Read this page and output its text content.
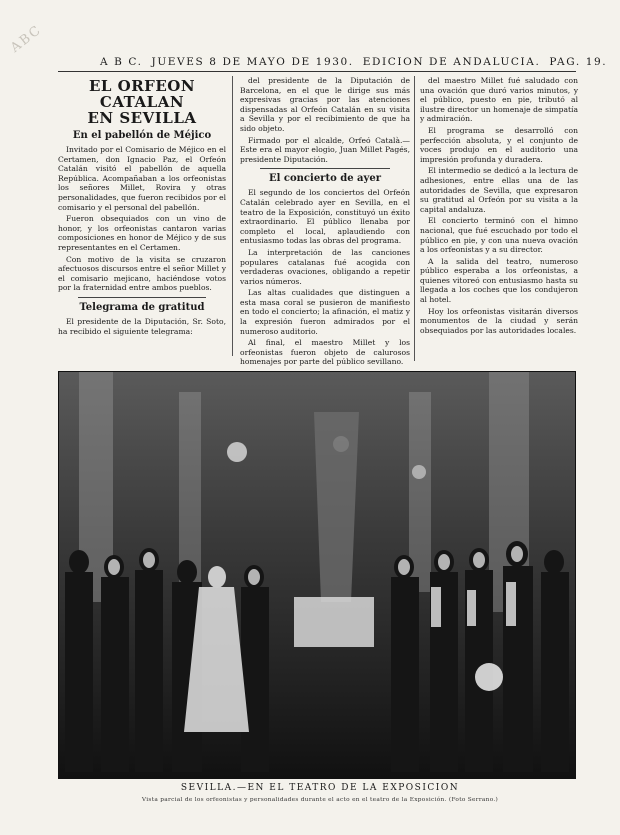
ABC
A B C. JUEVES 8 DE MAYO DE 1930. EDICION DE ANDALUCIA. PAG. 19.
EL ORFEON CATALAN
EN SEVILLA
En el pabellón de Méjico

Invitado por el Comisario de Méjico en el Certamen, don Ignacio Paz, el Orfeón Catalán visitó el pabellón de aquella República. Acompañaban a los orfeonistas los señores Millet, Rovira y otras personalidades, que fueron recibidos por el comisario y el personal del pabellón.

Fueron obsequiados con un vino de honor, y los orfeonistas cantaron varias composiciones en honor de Méjico y de sus representantes en el Certamen.

Con motivo de la visita se cruzaron afectuosos discursos entre el señor Millet y el comisario mejicano, haciéndose votos por la fraternidad entre ambos pueblos.

Telegrama de gratitud

El presidente de la Diputación, Sr. Soto, ha recibido el siguiente telegrama:

del presidente de la Diputación de Barcelona, en el que le dirige sus más expresivas gracias por las atenciones dispensadas al Orfeón Catalán en su visita a Sevilla y por el recibimiento de que ha sido objeto.

Firmado por el alcalde, Orfeó Català.—Este era el mayor elogio, Juan Millet Pagés, presidente Diputación.

El concierto de ayer

El segundo de los conciertos del Orfeón Catalán celebrado ayer en Sevilla, en el teatro de la Exposición, constituyó un éxito extraordinario. El público llenaba por completo el local, aplaudiendo con entusiasmo todas las obras del programa.

La interpretación de las canciones populares catalanas fué acogida con verdaderas ovaciones, obligando a repetir varios números.

Las altas cualidades que distinguen a esta masa coral se pusieron de manifiesto en todo el concierto; la afinación, el matiz y la expresión fueron admirados por el numeroso auditorio.

Al final, el maestro Millet y los orfeonistas fueron objeto de calurosos homenajes por parte del público sevillano.

del maestro Millet fué saludado con una ovación que duró varios minutos, y el público, puesto en pie, tributó al ilustre director un homenaje de simpatía y admiración.

El programa se desarrolló con perfección absoluta, y el conjunto de voces produjo en el auditorio una impresión profunda y duradera.

El intermedio se dedicó a la lectura de adhesiones, entre ellas una de las autoridades de Sevilla, que expresaron su gratitud al Orfeón por su visita a la capital andaluza.

El concierto terminó con el himno nacional, que fué escuchado por todo el público en pie, y con una nueva ovación a los orfeonistas y a su director.

A la salida del teatro, numeroso público esperaba a los orfeonistas, a quienes vitoreó con entusiasmo hasta su llegada a los coches que los condujeron al hotel.

Hoy los orfeonistas visitarán diversos monumentos de la ciudad y serán obsequiados por las autoridades locales.

SEVILLA.—EN EL TEATRO DE LA EXPOSICION
Vista parcial de los orfeonistas y personalidades durante el acto en el teatro de la Exposición. (Foto Serrano.)
